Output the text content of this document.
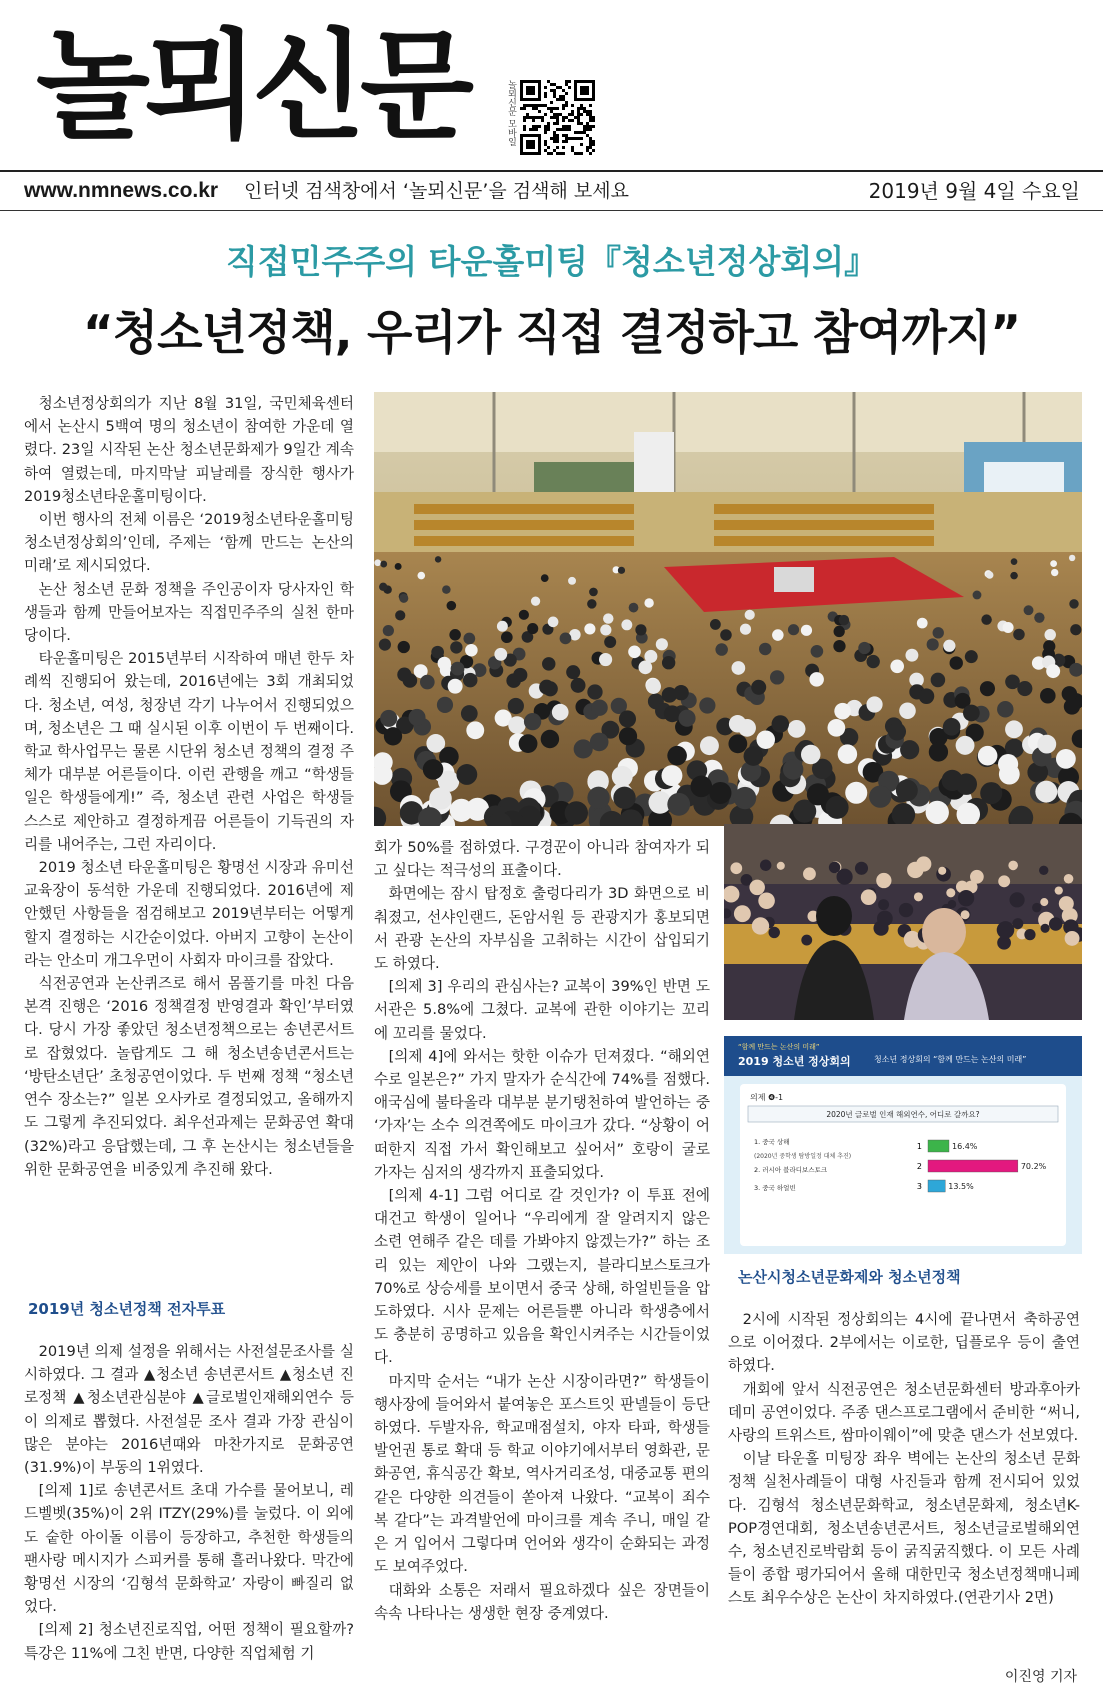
놀뫼신문	놀뫼신문 모바일
www.nmnews.co.kr 인터넷 검색창에서 ‘놀뫼신문’을 검색해 보세요	2019년 9월 4일 수요일
직접민주주의 타운홀미팅『청소년정상회의』
“청소년정책, 우리가 직접 결정하고 참여까지”

청소년정상회의가 지난 8월 31일, 국민체육센터에서 논산시 5백여 명의 청소년이 참여한 가운데 열렸다. 23일 시작된 논산 청소년문화제가 9일간 계속하여 열렸는데, 마지막날 피날레를 장식한 행사가 2019청소년타운홀미팅이다.

이번 행사의 전체 이름은 ‘2019청소년타운홀미팅 청소년정상회의’인데, 주제는 ‘함께 만드는 논산의 미래’로 제시되었다.

논산 청소년 문화 정책을 주인공이자 당사자인 학생들과 함께 만들어보자는 직접민주주의 실천 한마당이다.

타운홀미팅은 2015년부터 시작하여 매년 한두 차례씩 진행되어 왔는데, 2016년에는 3회 개최되었다. 청소년, 여성, 청장년 각기 나누어서 진행되었으며, 청소년은 그 때 실시된 이후 이번이 두 번째이다. 학교 학사업무는 물론 시단위 청소년 정책의 결정 주체가 대부분 어른들이다. 이런 관행을 깨고 “학생들 일은 학생들에게!” 즉, 청소년 관련 사업은 학생들 스스로 제안하고 결정하게끔 어른들이 기득권의 자리를 내어주는, 그런 자리이다.

2019 청소년 타운홀미팅은 황명선 시장과 유미선 교육장이 동석한 가운데 진행되었다. 2016년에 제안했던 사항들을 점검해보고 2019년부터는 어떻게 할지 결정하는 시간순이었다. 아버지 고향이 논산이라는 안소미 개그우먼이 사회자 마이크를 잡았다.

식전공연과 논산퀴즈로 해서 몸풀기를 마친 다음 본격 진행은 ‘2016 정책결정 반영결과 확인’부터였다. 당시 가장 좋았던 청소년정책으로는 송년콘서트로 잡혔었다. 놀랍게도 그 해 청소년송년콘서트는 ‘방탄소년단’ 초청공연이었다. 두 번째 정책 “청소년연수 장소는?” 일본 오사카로 결정되었고, 올해까지도 그렇게 추진되었다. 최우선과제는 문화공연 확대(32%)라고 응답했는데, 그 후 논산시는 청소년들을 위한 문화공연을 비중있게 추진해 왔다.

2019년 청소년정책 전자투표

2019년 의제 설정을 위해서는 사전설문조사를 실시하였다. 그 결과 ▲청소년 송년콘서트 ▲청소년 진로정책 ▲청소년관심분야 ▲글로벌인재해외연수 등이 의제로 뽑혔다. 사전설문 조사 결과 가장 관심이 많은 분야는 2016년때와 마찬가지로 문화공연(31.9%)이 부동의 1위였다.

[의제 1]로 송년콘서트 초대 가수를 물어보니, 레드벨벳(35%)이 2위 ITZY(29%)를 눌렀다. 이 외에도 숱한 아이돌 이름이 등장하고, 추천한 학생들의 팬사랑 메시지가 스피커를 통해 흘러나왔다. 막간에 황명선 시장의 ‘김형석 문화학교’ 자랑이 빠질리 없었다.

[의제 2] 청소년진로직업, 어떤 정책이 필요할까? 특강은 11%에 그친 반면, 다양한 직업체험 기

회가 50%를 점하였다. 구경꾼이 아니라 참여자가 되고 싶다는 적극성의 표출이다.

화면에는 잠시 탑정호 출렁다리가 3D 화면으로 비춰졌고, 선샤인랜드, 돈암서원 등 관광지가 홍보되면서 관광 논산의 자부심을 고취하는 시간이 삽입되기도 하였다.

[의제 3] 우리의 관심사는? 교복이 39%인 반면 도서관은 5.8%에 그쳤다. 교복에 관한 이야기는 꼬리에 꼬리를 물었다.

[의제 4]에 와서는 핫한 이슈가 던져졌다. “해외연수로 일본은?” 가지 말자가 순식간에 74%를 점했다. 애국심에 불타올라 대부분 분기탱천하여 발언하는 중 ‘가자’는 소수 의견쪽에도 마이크가 갔다. “상황이 어떠한지 직접 가서 확인해보고 싶어서” 호랑이 굴로 가자는 심저의 생각까지 표출되었다.

[의제 4-1] 그럼 어디로 갈 것인가? 이 투표 전에 대건고 학생이 일어나 “우리에게 잘 알려지지 않은 소련 연해주 같은 데를 가봐야지 않겠는가?” 하는 조리 있는 제안이 나와 그랬는지, 블라디보스토크가 70%로 상승세를 보이면서 중국 상해, 하얼빈들을 압도하였다. 시사 문제는 어른들뿐 아니라 학생층에서도 충분히 공명하고 있음을 확인시켜주는 시간들이었다.

마지막 순서는 “내가 논산 시장이라면?” 학생들이 행사장에 들어와서 붙여놓은 포스트잇 판넬들이 등단하였다. 두발자유, 학교매점설치, 야자 타파, 학생들 발언권 통로 확대 등 학교 이야기에서부터 영화관, 문화공연, 휴식공간 확보, 역사거리조성, 대중교통 편의 같은 다양한 의견들이 쏟아져 나왔다. “교복이 죄수복 같다”는 과격발언에 마이크를 계속 주니, 매일 같은 거 입어서 그렇다며 언어와 생각이 순화되는 과정도 보여주었다.

대화와 소통은 저래서 필요하겠다 싶은 장면들이 속속 나타나는 생생한 현장 중계였다.

“함께 만드는 논산의 미래”
2019 청소년 정상회의	청소년 정상회의 “함께 만드는 논산의 미래”
의제 ❹-1
2020년 글로벌 인재 해외연수, 어디로 갈까요?
1. 중국 상해
(2020년 중학생 탐방일정 대체 추진)
2. 러시아 블라디보스토크
3. 중국 하얼빈
1	16.4%
2	70.2%
3	13.5%
논산시청소년문화제와 청소년정책

2시에 시작된 정상회의는 4시에 끝나면서 축하공연으로 이어졌다. 2부에서는 이로한, 딥플로우 등이 출연하였다.

개회에 앞서 식전공연은 청소년문화센터 방과후아카데미 공연이었다. 주종 댄스프로그램에서 준비한 “써니, 사랑의 트위스트, 쌈마이웨이”에 맞춘 댄스가 선보였다.

이날 타운홀 미팅장 좌우 벽에는 논산의 청소년 문화정책 실천사례들이 대형 사진들과 함께 전시되어 있었다. 김형석 청소년문화학교, 청소년문화제, 청소년K-POP경연대회, 청소년송년콘서트, 청소년글로벌해외연수, 청소년진로박람회 등이 굵직굵직했다. 이 모든 사례들이 종합 평가되어서 올해 대한민국 청소년정책매니페스토 최우수상은 논산이 차지하였다.(연관기사 2면)

이진영 기자
